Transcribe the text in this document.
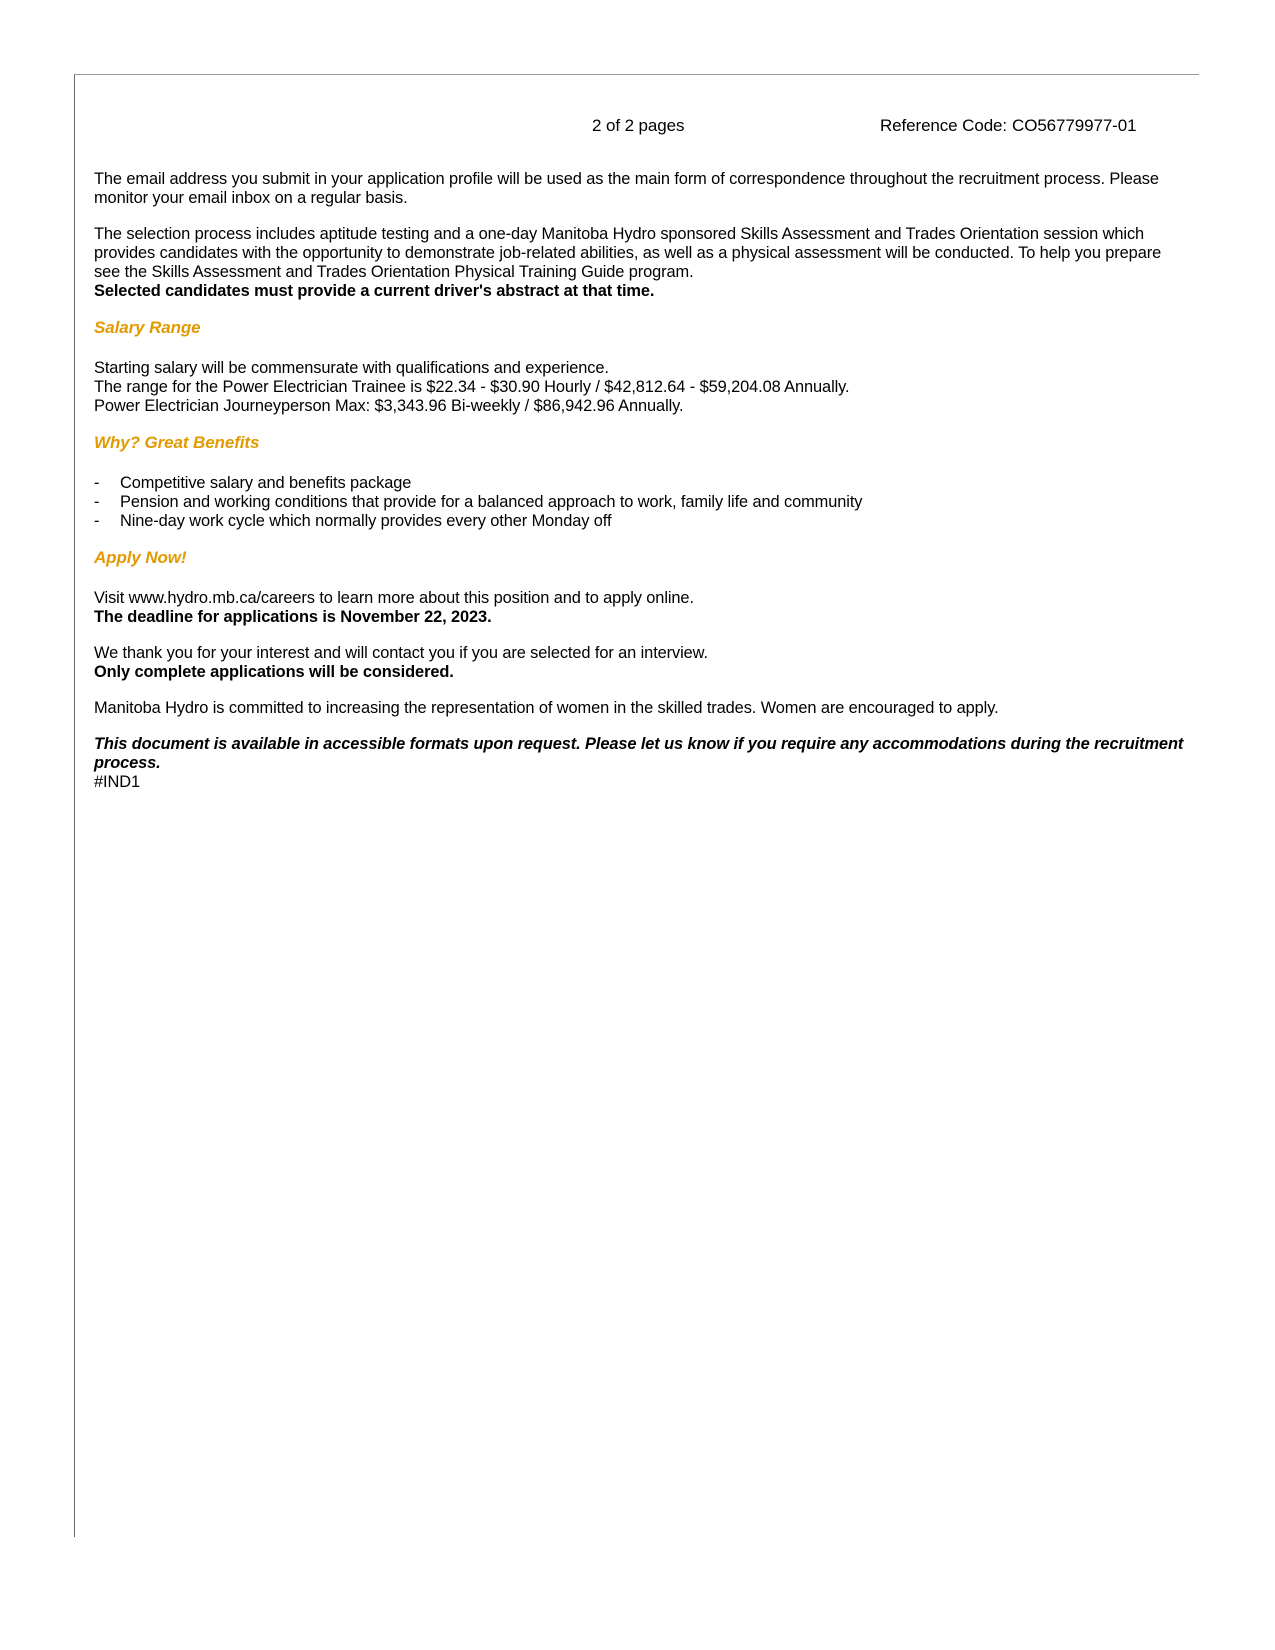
2 of 2 pages	Reference Code: CO56779977-01

The email address you submit in your application profile will be used as the main form of correspondence throughout the recruitment process. Please monitor your email inbox on a regular basis.

The selection process includes aptitude testing and a one-day Manitoba Hydro sponsored Skills Assessment and Trades Orientation session which provides candidates with the opportunity to demonstrate job-related abilities, as well as a physical assessment will be conducted. To help you prepare see the Skills Assessment and Trades Orientation Physical Training Guide program.
Selected candidates must provide a current driver's abstract at that time.

Salary Range

Starting salary will be commensurate with qualifications and experience.
The range for the Power Electrician Trainee is $22.34 - $30.90 Hourly / $42,812.64 - $59,204.08 Annually.
Power Electrician Journeyperson Max: $3,343.96 Bi-weekly / $86,942.96 Annually.

Why? Great Benefits
- Competitive salary and benefits package
- Pension and working conditions that provide for a balanced approach to work, family life and community
- Nine-day work cycle which normally provides every other Monday off
Apply Now!

Visit www.hydro.mb.ca/careers to learn more about this position and to apply online.
The deadline for applications is November 22, 2023.

We thank you for your interest and will contact you if you are selected for an interview.
Only complete applications will be considered.

Manitoba Hydro is committed to increasing the representation of women in the skilled trades. Women are encouraged to apply.

This document is available in accessible formats upon request. Please let us know if you require any accommodations during the recruitment process.
#IND1
